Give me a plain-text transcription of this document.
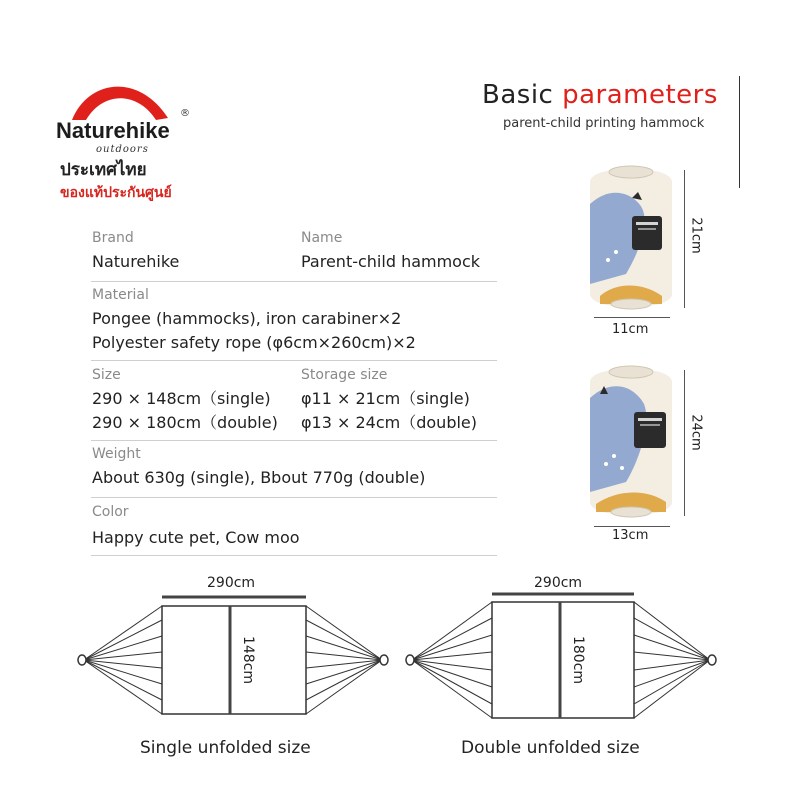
®
Naturehike
outdoors
ประเทศไทย
ของแท้ประกันศูนย์
Basic parameters
parent-child printing hammock
Brand
Naturehike
Name
Parent-child hammock
Material
Pongee (hammocks), iron carabiner×2
Polyester safety rope (φ6cm×260cm)×2
Size
290 × 148cm（single)
290 × 180cm（double)
Storage size
φ11 × 21cm（single)
φ13 × 24cm（double)
Weight
About 630g (single), Bbout 770g (double)
Color
Happy cute pet, Cow moo
21cm
11cm
24cm
13cm
290cm
148cm
Single unfolded size
290cm
180cm
Double unfolded size
